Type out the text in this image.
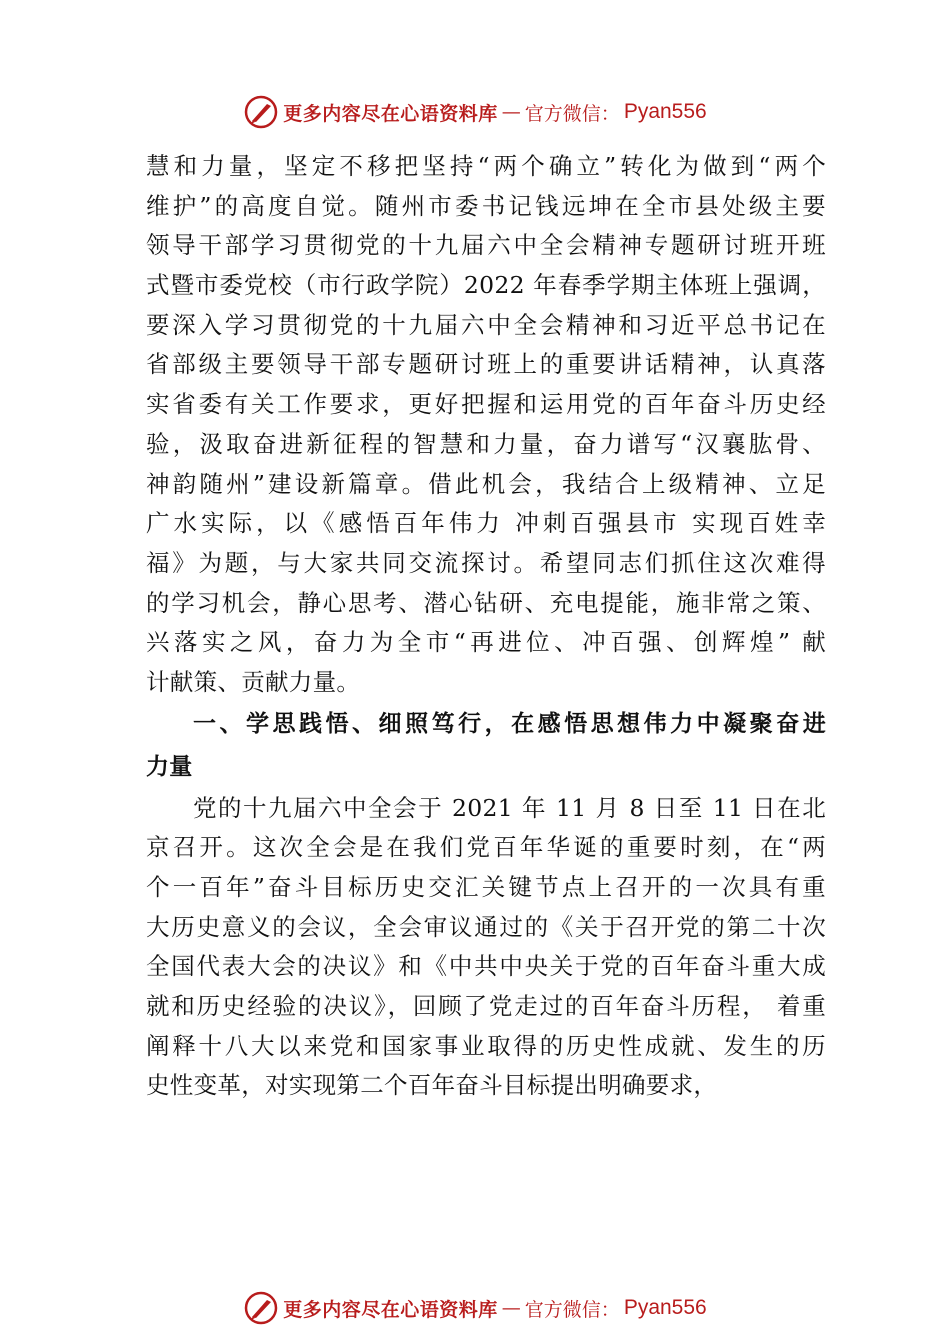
更多内容尽在心语资料库 — 官方微信： Pyan556
慧和力量，坚定不移把坚持“两个确立”转化为做到“两个
维护”的高度自觉。随州市委书记钱远坤在全市县处级主要
领导干部学习贯彻党的十九届六中全会精神专题研讨班开班
式暨市委党校（市行政学院）2022 年春季学期主体班上强调，
要深入学习贯彻党的十九届六中全会精神和习近平总书记在
省部级主要领导干部专题研讨班上的重要讲话精神，认真落
实省委有关工作要求，更好把握和运用党的百年奋斗历史经
验，汲取奋进新征程的智慧和力量，奋力谱写“汉襄肱骨、
神韵随州”建设新篇章。借此机会，我结合上级精神、立足
广水实际，以《感悟百年伟力 冲刺百强县市 实现百姓幸
福》为题，与大家共同交流探讨。希望同志们抓住这次难得
的学习机会，静心思考、潜心钻研、充电提能，施非常之策、
兴落实之风，奋力为全市“再进位、冲百强、创辉煌” 献
计献策、贡献力量。
一、学思践悟、细照笃行，在感悟思想伟力中凝聚奋进
力量
党的十九届六中全会于 2021 年 11 月 8 日至 11 日在北
京召开。这次全会是在我们党百年华诞的重要时刻，在“两
个一百年”奋斗目标历史交汇关键节点上召开的一次具有重
大历史意义的会议，全会审议通过的《关于召开党的第二十次
全国代表大会的决议》和《中共中央关于党的百年奋斗重大成
就和历史经验的决议》，回顾了党走过的百年奋斗历程， 着重
阐释十八大以来党和国家事业取得的历史性成就、发生的历
史性变革，对实现第二个百年奋斗目标提出明确要求，
更多内容尽在心语资料库 — 官方微信： Pyan556
